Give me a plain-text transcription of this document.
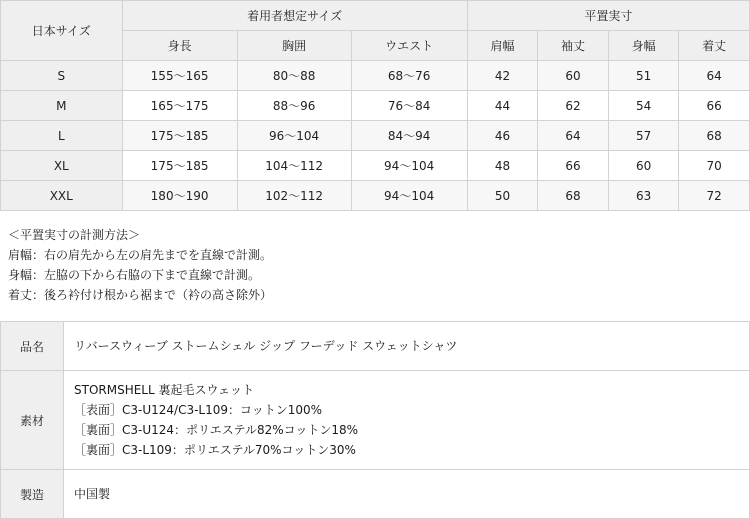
日本サイズ	着用者想定サイズ			平置実寸			
	身長	胸囲	ウエスト	肩幅	袖丈	身幅	着丈
S	155〜165	80〜88	68〜76	42	60	51	64
M	165〜175	88〜96	76〜84	44	62	54	66
L	175〜185	96〜104	84〜94	46	64	57	68
XL	175〜185	104〜112	94〜104	48	66	60	70
XXL	180〜190	102〜112	94〜104	50	68	63	72
＜平置実寸の計測方法＞
肩幅：右の肩先から左の肩先までを直線で計測。
身幅：左脇の下から右脇の下まで直線で計測。
着丈：後ろ衿付け根から裾まで（衿の高さ除外）
品名	リバースウィーブ ストームシェル ジップ フーデッド スウェットシャツ
素材	STORMSHELL 裏起毛スウェット
［表面］C3-U124/C3-L109：コットン100%
［裏面］C3-U124：ポリエステル82%コットン18%
［裏面］C3-L109：ポリエステル70%コットン30%

製造	中国製
